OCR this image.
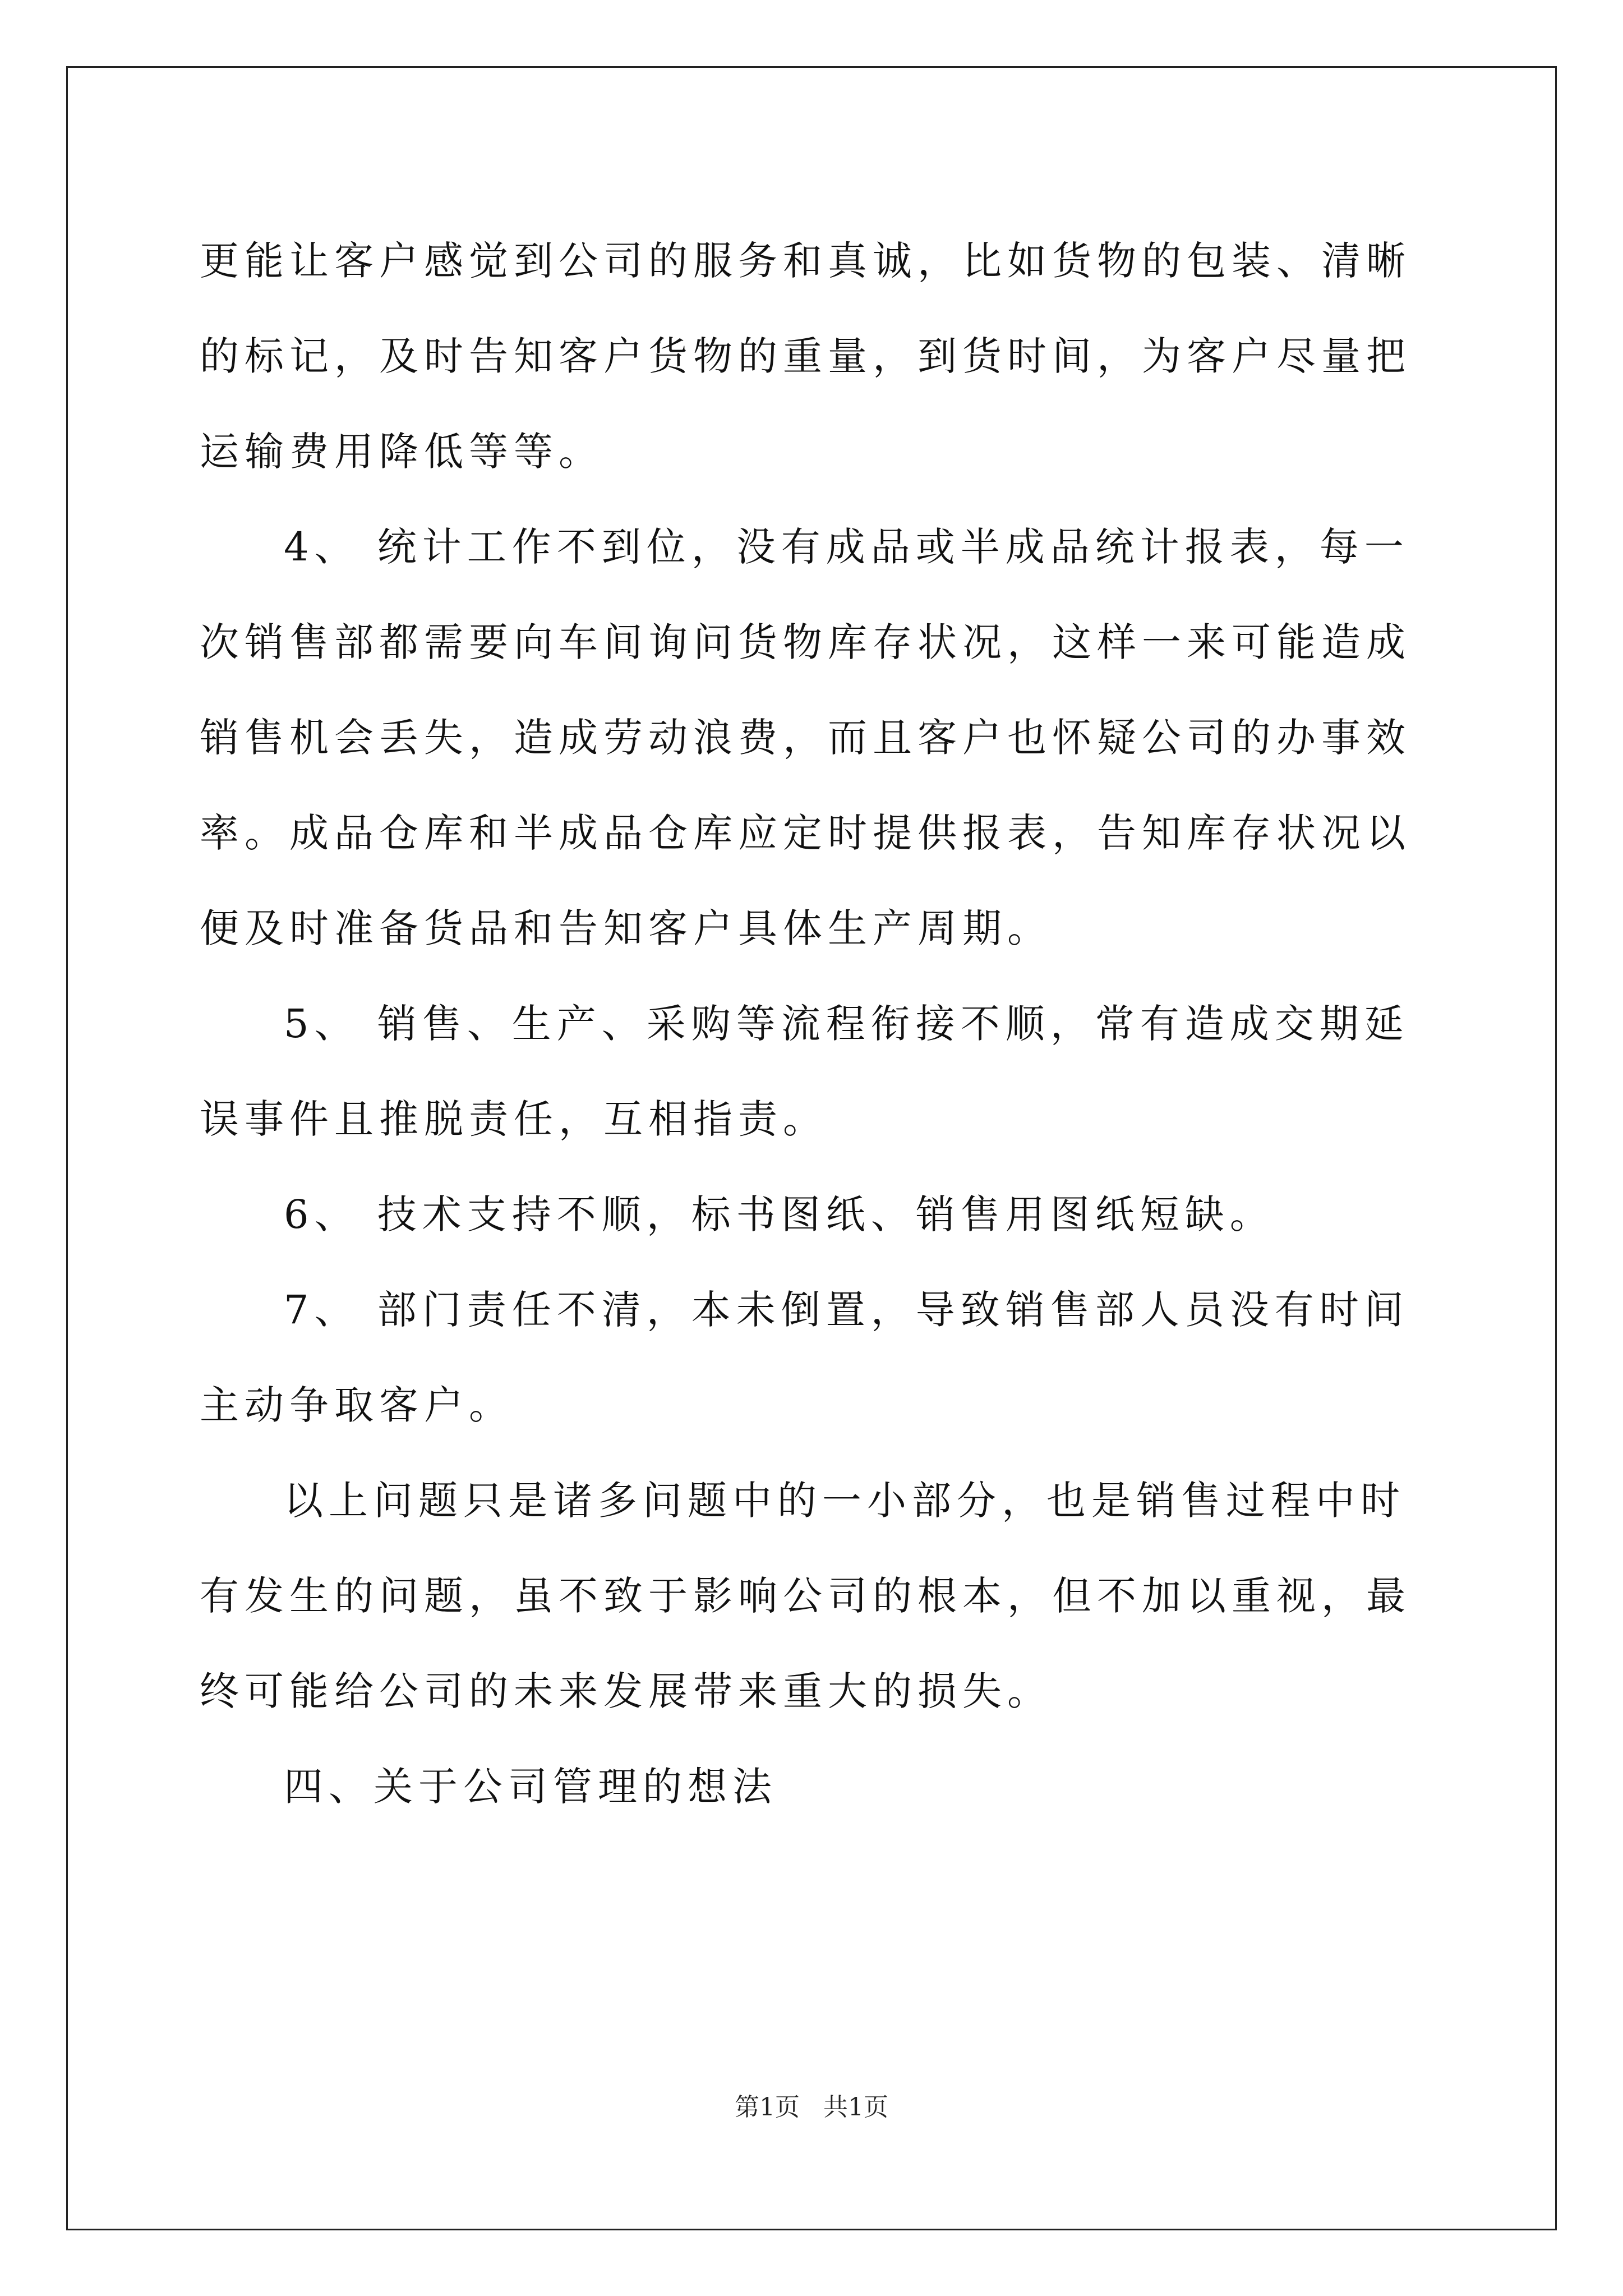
更能让客户感觉到公司的服务和真诚，比如货物的包装、清晰的标记，及时告知客户货物的重量，到货时间，为客户尽量把运输费用降低等等。

4、 统计工作不到位，没有成品或半成品统计报表，每一次销售部都需要向车间询问货物库存状况，这样一来可能造成销售机会丢失，造成劳动浪费，而且客户也怀疑公司的办事效率。成品仓库和半成品仓库应定时提供报表，告知库存状况以便及时准备货品和告知客户具体生产周期。

5、 销售、生产、采购等流程衔接不顺，常有造成交期延误事件且推脱责任，互相指责。

6、 技术支持不顺，标书图纸、销售用图纸短缺。

7、 部门责任不清，本未倒置，导致销售部人员没有时间主动争取客户。

以上问题只是诸多问题中的一小部分，也是销售过程中时有发生的问题，虽不致于影响公司的根本，但不加以重视，最终可能给公司的未来发展带来重大的损失。

四、关于公司管理的想法

第1页   共1页
